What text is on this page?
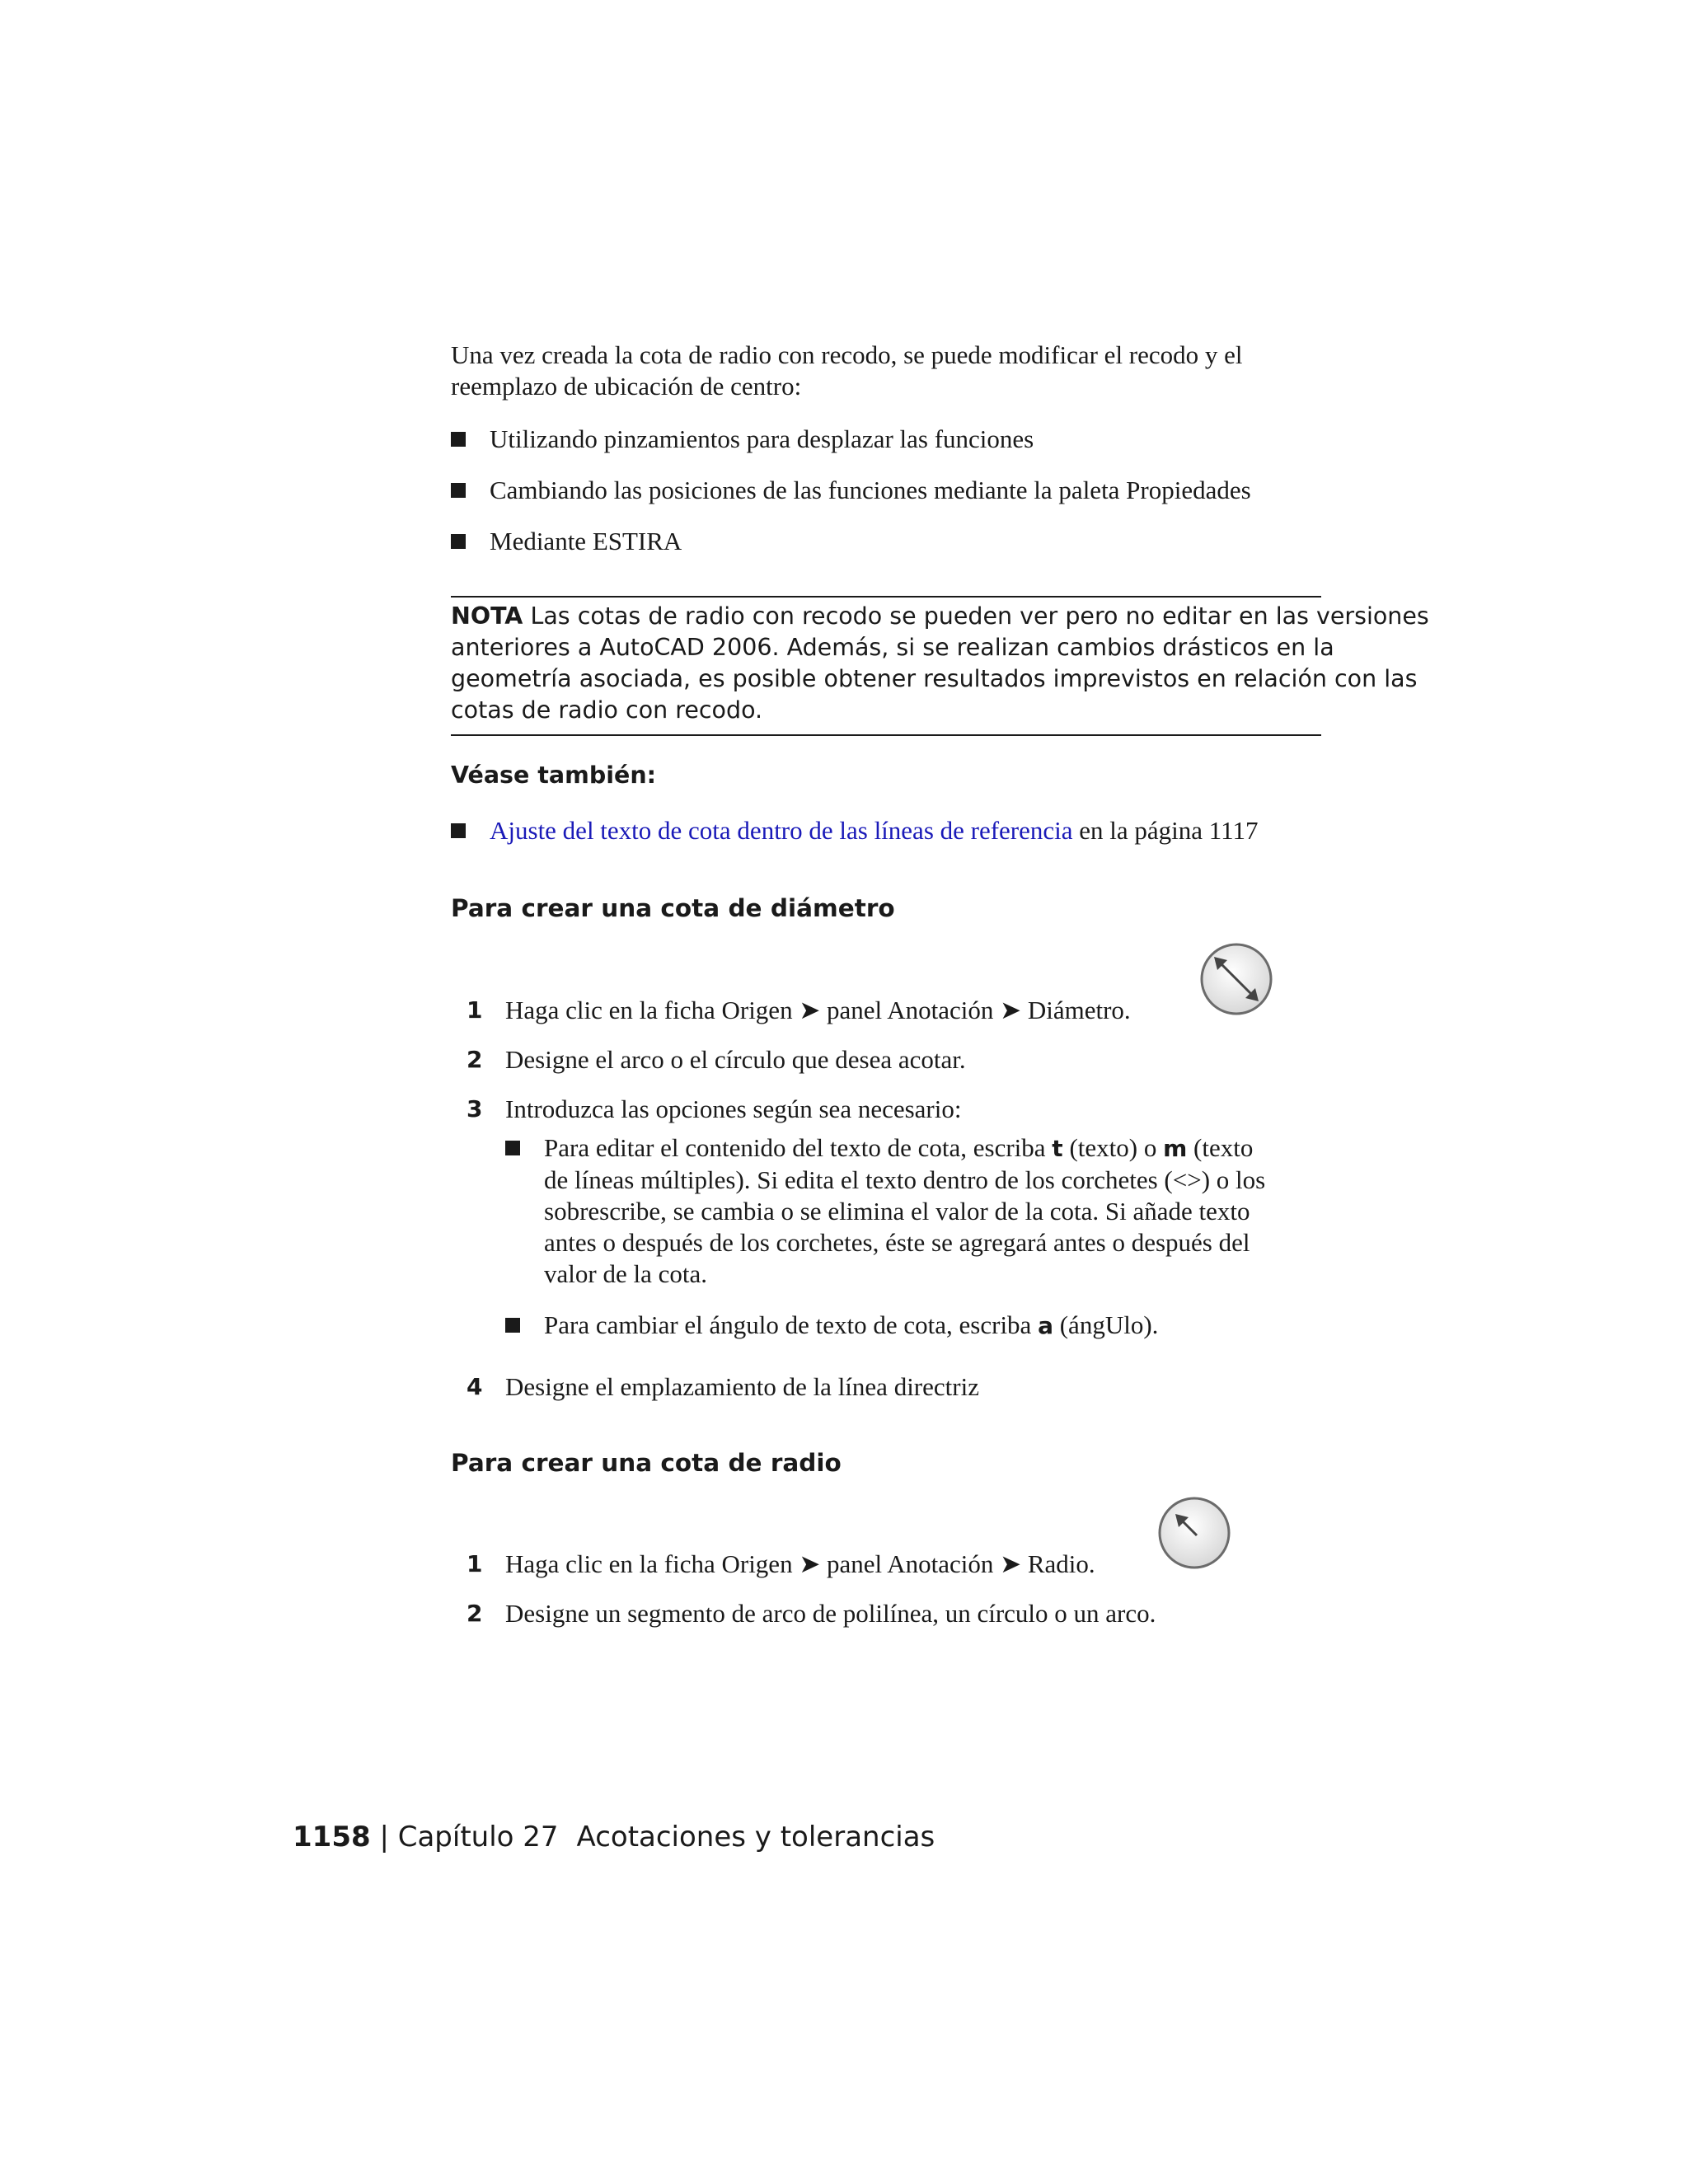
Una vez creada la cota de radio con recodo, se puede modificar el recodo y el
reemplazo de ubicación de centro:
Utilizando pinzamientos para desplazar las funciones
Cambiando las posiciones de las funciones mediante la paleta Propiedades
Mediante ESTIRA
NOTA Las cotas de radio con recodo se pueden ver pero no editar en las versiones
anteriores a AutoCAD 2006. Además, si se realizan cambios drásticos en la
geometría asociada, es posible obtener resultados imprevistos en relación con las
cotas de radio con recodo.
Véase también:
Ajuste del texto de cota dentro de las líneas de referencia en la página 1117
Para crear una cota de diámetro
1 Haga clic en la ficha Origen ➤ panel Anotación ➤ Diámetro.
2 Designe el arco o el círculo que desea acotar.
3 Introduzca las opciones según sea necesario:
Para editar el contenido del texto de cota, escriba t (texto) o m (texto
de líneas múltiples). Si edita el texto dentro de los corchetes (<>) o los
sobrescribe, se cambia o se elimina el valor de la cota. Si añade texto
antes o después de los corchetes, éste se agregará antes o después del
valor de la cota.
Para cambiar el ángulo de texto de cota, escriba a (ángUlo).
4 Designe el emplazamiento de la línea directriz
Para crear una cota de radio
1 Haga clic en la ficha Origen ➤ panel Anotación ➤ Radio.
2 Designe un segmento de arco de polilínea, un círculo o un arco.
1158 | Capítulo 27 Acotaciones y tolerancias
